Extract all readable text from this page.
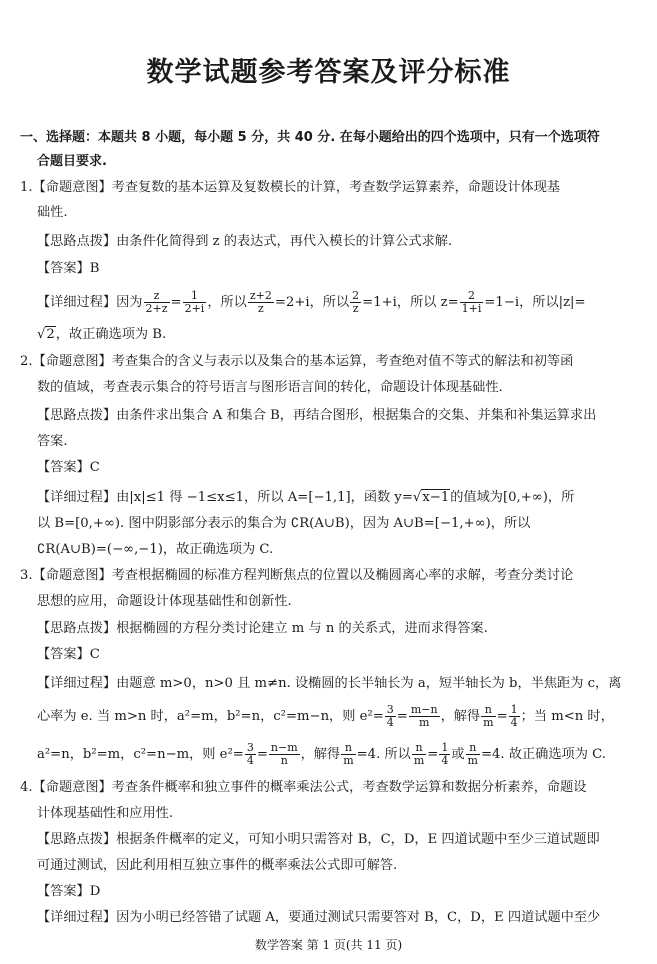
数学试题参考答案及评分标准
一、选择题：本题共 8 小题，每小题 5 分，共 40 分. 在每小题给出的四个选项中，只有一个选项符
合题目要求.
1.【命题意图】考查复数的基本运算及复数模长的计算，考查数学运算素养，命题设计体现基
础性.
【思路点拨】由条件化简得到 z 的表达式，再代入模长的计算公式求解.
【答案】B
【详细过程】因为 $\frac{z}{2+z} = \frac{1}{2+i}$ ，所以 $\frac{z+2}{z} =2+i$，所以 $\frac{2}{z} =1+i$，所以 $z= \frac{2}{1+i} =1-i$，所以|z|=
√2，故正确选项为 B.
2.【命题意图】考查集合的含义与表示以及集合的基本运算，考查绝对值不等式的解法和初等函
数的值域，考查表示集合的符号语言与图形语言间的转化，命题设计体现基础性.
【思路点拨】由条件求出集合 A 和集合 B，再结合图形，根据集合的交集、并集和补集运算求出
答案.
【答案】C
【详细过程】由|x|≤1 得 −1≤x≤1，所以 A=[−1,1]，函数 y=√x−1的值域为[0,+∞)，所
以 B=[0,+∞). 图中阴影部分表示的集合为 ∁R(A∪B)，因为 A∪B=[−1,+∞)，所以
∁R(A∪B)=(−∞,−1)，故正确选项为 C.
3.【命题意图】考查根据椭圆的标准方程判断焦点的位置以及椭圆离心率的求解，考查分类讨论
思想的应用，命题设计体现基础性和创新性.
【思路点拨】根据椭圆的方程分类讨论建立 m 与 n 的关系式，进而求得答案.
【答案】C
【详细过程】由题意 m>0，n>0 且 m≠n. 设椭圆的长半轴长为 a，短半轴长为 b，半焦距为 c，离
心率为 e. 当 m>n 时，a²=m，b²=n，c²=m−n，则 $e^2= \frac{3}{4} = \frac{m-n}{m}$ ，解得 $\frac{n}{m} = \frac{1}{4}$ ；当 m<n 时，
a²=n，b²=m，c²=n−m，则 $e^2= \frac{3}{4} = \frac{n-m}{n}$ ，解得 $\frac{n}{m} =4$. 所以 $\frac{n}{m} = \frac{1}{4}$ 或 $\frac{n}{m} =4$. 故正确选项为 C.
4.【命题意图】考查条件概率和独立事件的概率乘法公式，考查数学运算和数据分析素养，命题设
计体现基础性和应用性.
【思路点拨】根据条件概率的定义，可知小明只需答对 B，C，D，E 四道试题中至少三道试题即
可通过测试，因此利用相互独立事件的概率乘法公式即可解答.
【答案】D
【详细过程】因为小明已经答错了试题 A，要通过测试只需要答对 B，C，D，E 四道试题中至少
数学答案 第 1 页(共 11 页)
